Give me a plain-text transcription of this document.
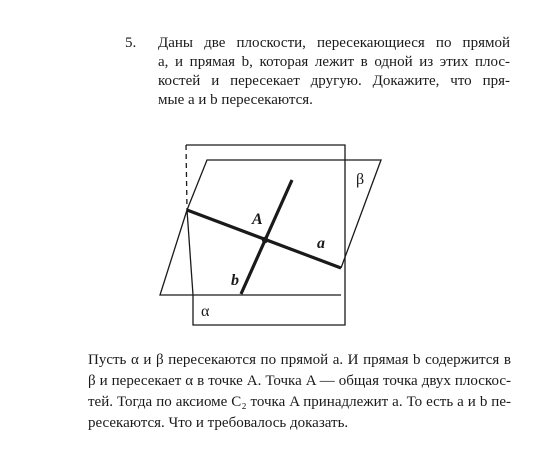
5. Даны две плоскости, пересекающиеся по прямой
a, и прямая b, которая лежит в одной из этих плос-
костей и пересекает другую. Докажите, что пря-
мые a и b пересекаются.
β
α
A
a
b
Пусть α и β пересекаются по прямой a. И прямая b содержится в
β и пересекает α в точке A. Точка A — общая точка двух плоскос-
тей. Тогда по аксиоме C₂ точка A принадлежит a. То есть a и b пе-
ресекаются. Что и требовалось доказать.
